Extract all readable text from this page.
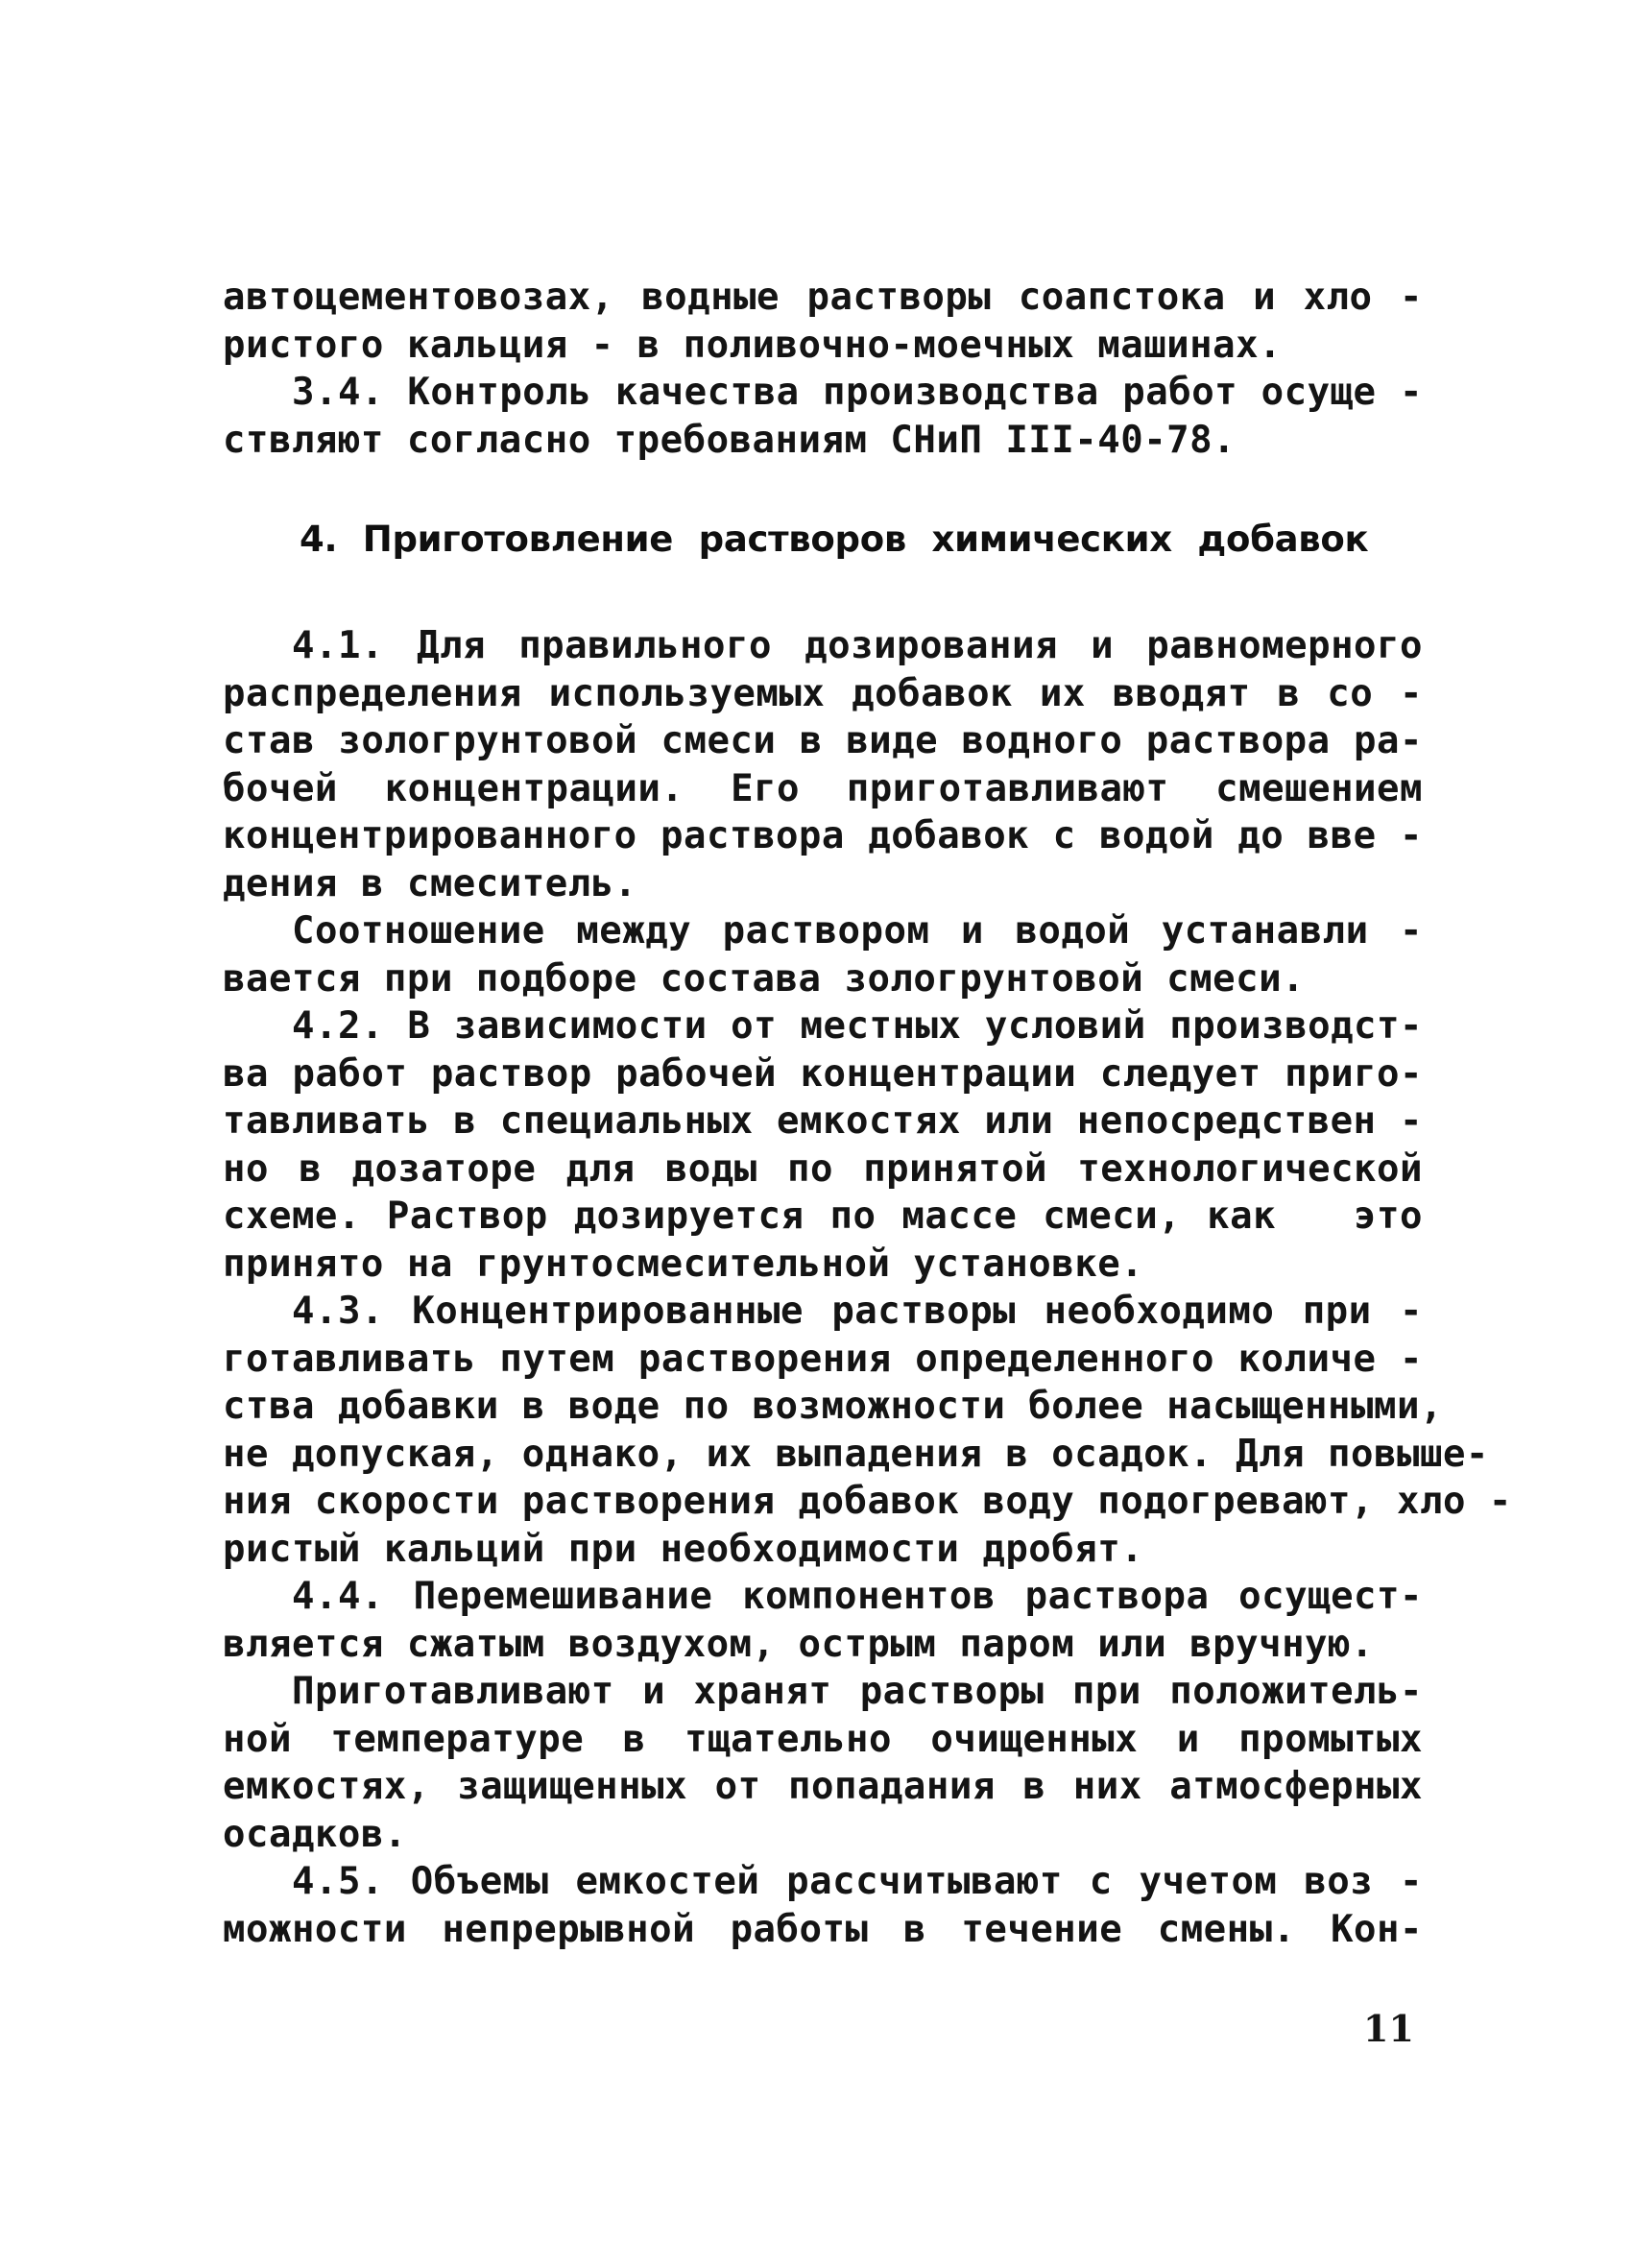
автоцементовозах, водные растворы соапстока и хло -
ристого кальция - в поливочно-моечных машинах.
3.4. Контроль качества производства работ осуще -
ствляют согласно требованиям СНиП III-40-78.
4. Приготовление растворов химических добавок
4.1. Для правильного дозирования и равномерного
распределения используемых добавок их вводят в со -
став зологрунтовой смеси в виде водного раствора ра-
бочей концентрации. Его приготавливают смешением
концентрированного раствора добавок с водой до вве -
дения в смеситель.
Соотношение между раствором и водой устанавли -
вается при подборе состава зологрунтовой смеси.
4.2. В зависимости от местных условий производст-
ва работ раствор рабочей концентрации следует приго-
тавливать в специальных емкостях или непосредствен -
но в дозаторе для воды по принятой технологической
схеме. Раствор дозируется по массе смеси, как   это
принято на грунтосмесительной установке.
4.3. Концентрированные растворы необходимо при -
готавливать путем растворения определенного количе -
ства добавки в воде по возможности более насыщенными,
не допуская, однако, их выпадения в осадок. Для повыше-
ния скорости растворения добавок воду подогревают, хло -
ристый кальций при необходимости дробят.
4.4. Перемешивание компонентов раствора осущест-
вляется сжатым воздухом, острым паром или вручную.
Приготавливают и хранят растворы при положитель-
ной температуре в тщательно очищенных и промытых
емкостях, защищенных от попадания в них атмосферных
осадков.
4.5. Объемы емкостей рассчитывают с учетом воз -
можности непрерывной работы в течение смены. Кон-
11
